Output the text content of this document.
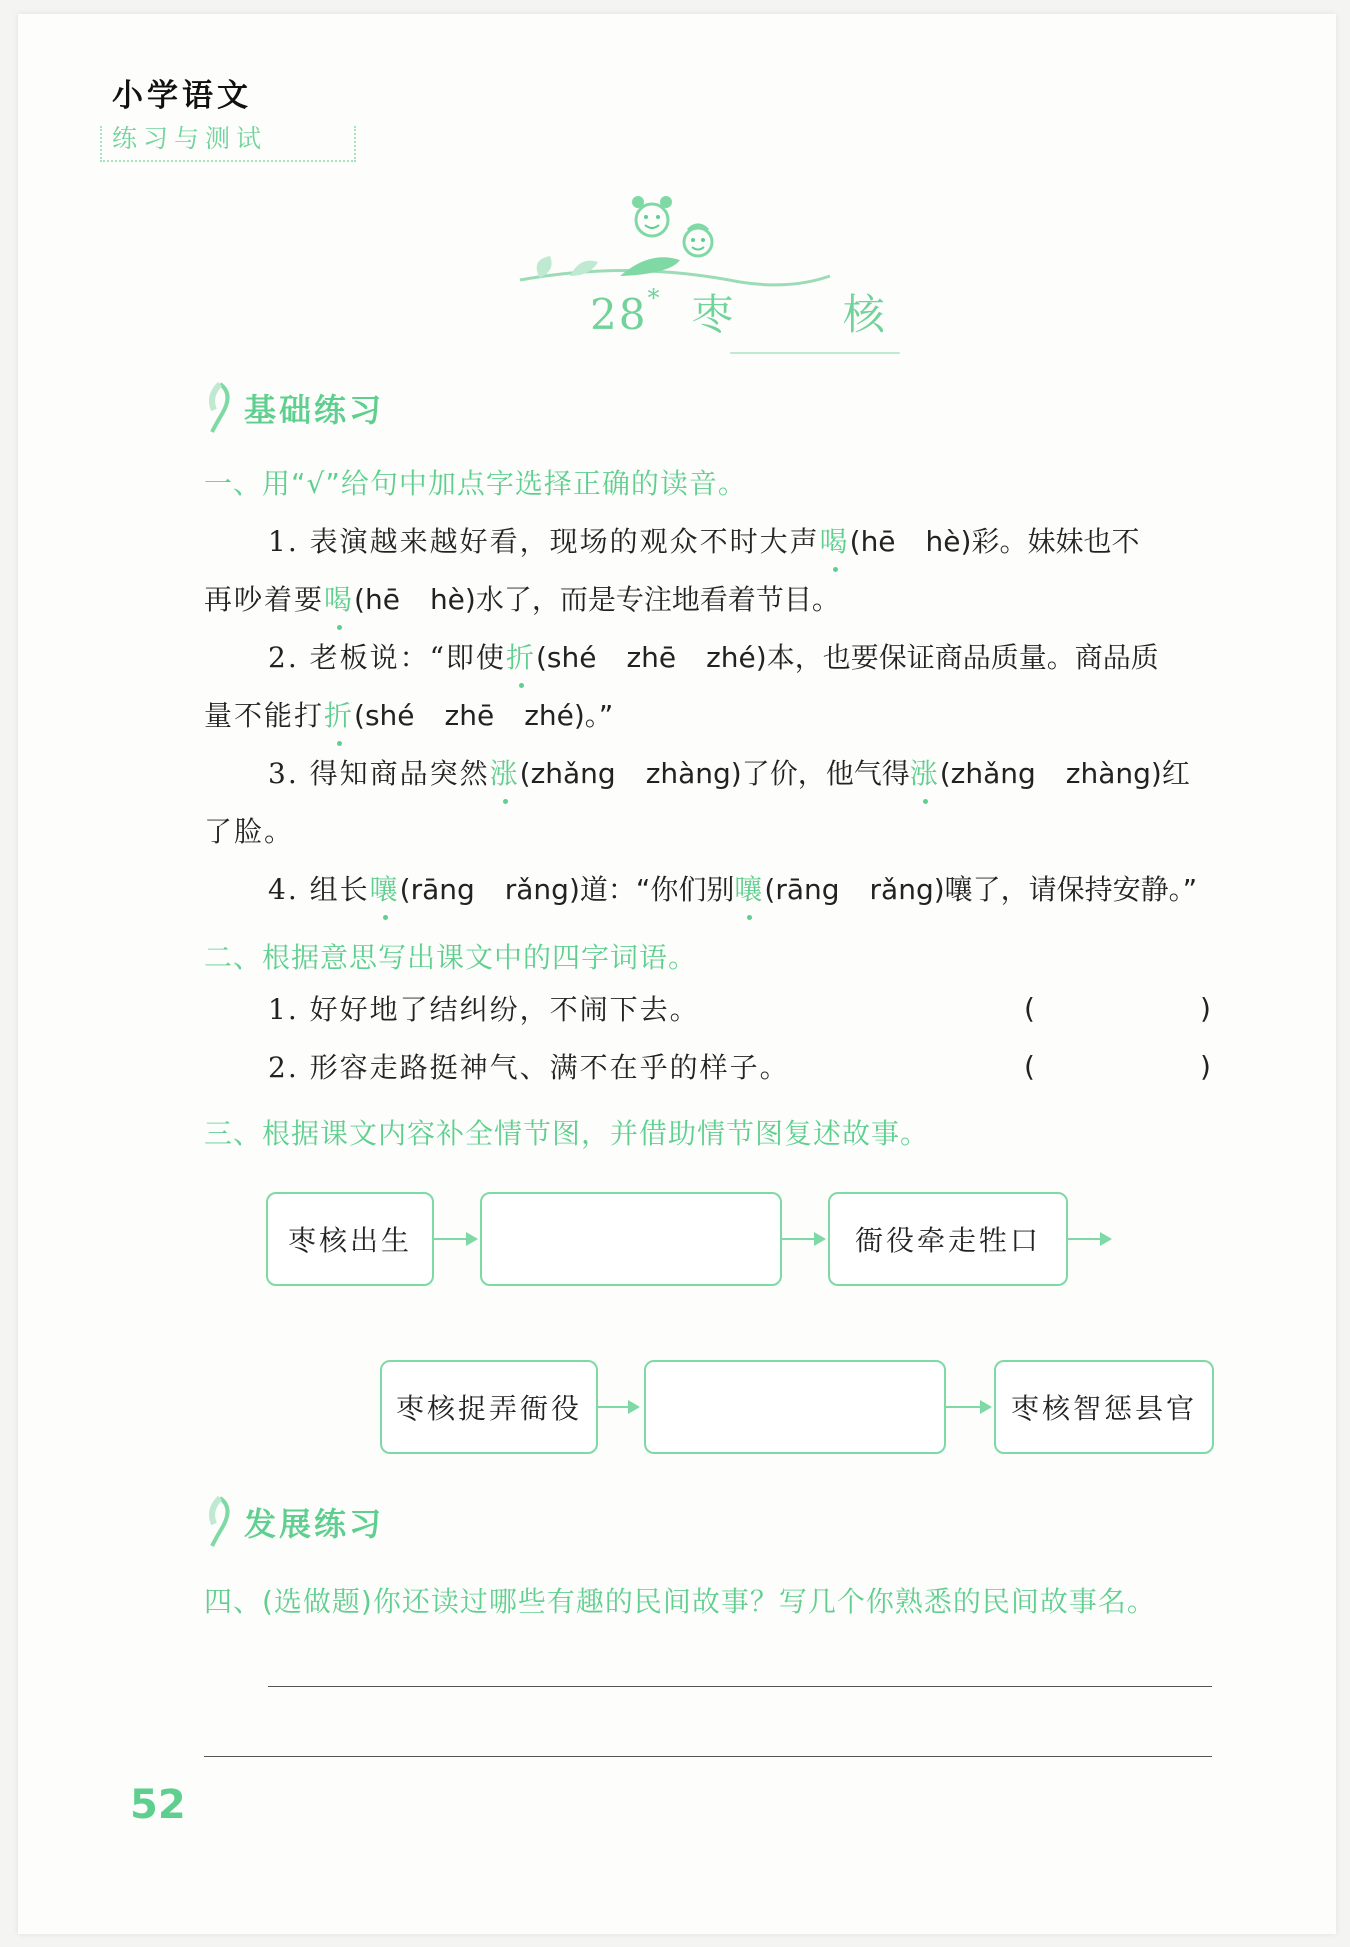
小学语文
练习与测试
28* 枣 核
基础练习
一、用“√”给句中加点字选择正确的读音。
1. 表演越来越好看，现场的观众不时大声喝(hē hè)彩。妹妹也不
再吵着要喝(hē hè)水了，而是专注地看着节目。
2. 老板说：“即使折(shé zhē zhé)本，也要保证商品质量。商品质
量不能打折(shé zhē zhé)。”
3. 得知商品突然涨(zhǎng zhàng)了价，他气得涨(zhǎng zhàng)红
了脸。
4. 组长嚷(rāng rǎng)道：“你们别嚷(rāng rǎng)嚷了，请保持安静。”
二、根据意思写出课文中的四字词语。
1. 好好地了结纠纷，不闹下去。	(	)
2. 形容走路挺神气、满不在乎的样子。	(	)
三、根据课文内容补全情节图，并借助情节图复述故事。
枣核出生	衙役牵走牲口
枣核捉弄衙役	枣核智惩县官
发展练习
四、(选做题)你还读过哪些有趣的民间故事？写几个你熟悉的民间故事名。
52
